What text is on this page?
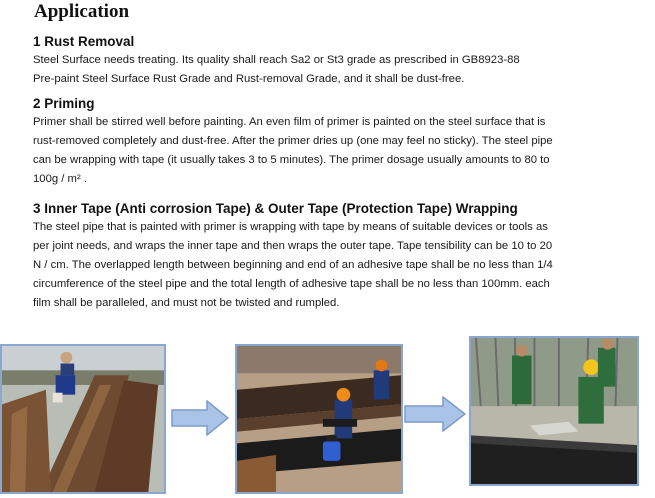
Application
1 Rust Removal

Steel Surface needs treating. Its quality shall reach Sa2 or St3 grade as prescribed in GB8923-88

Pre-paint Steel Surface Rust Grade and Rust-removal Grade, and it shall be dust-free.

2 Priming

Primer shall be stirred well before painting. An even film of primer is painted on the steel surface that is

rust-removed completely and dust-free. After the primer dries up (one may feel no sticky). The steel pipe

can be wrapping with tape (it usually takes 3 to 5 minutes). The primer dosage usually amounts to 80 to

100g / m² .

3 Inner Tape (Anti corrosion Tape) & Outer Tape (Protection Tape) Wrapping

The steel pipe that is painted with primer is wrapping with tape by means of suitable devices or tools as

per joint needs, and wraps the inner tape and then wraps the outer tape. Tape tensibility can be 10 to 20

N / cm. The overlapped length between beginning and end of an adhesive tape shall be no less than 1/4

circumference of the steel pipe and the total length of adhesive tape shall be no less than 100mm. each

film shall be paralleled, and must not be twisted and rumpled.
